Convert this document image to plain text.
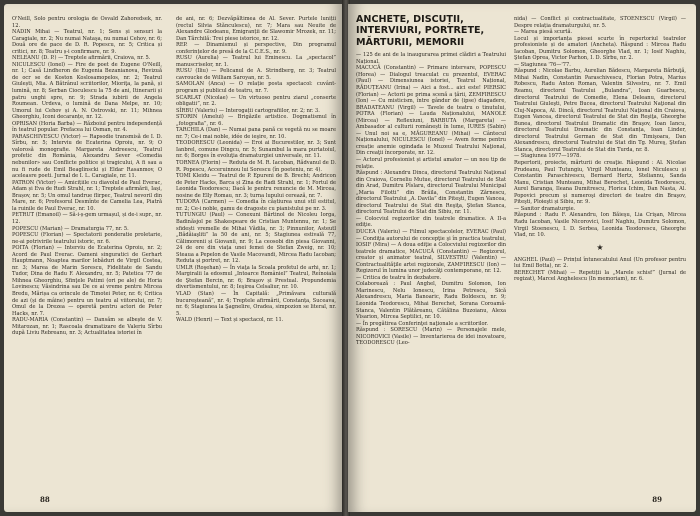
O'Neill, Solo pentru orologia de Osvald Zahoredsek, nr. 12.

NADIN Mihai — Teatrul, nr. 1; Sens și sensuri la Caragiale, nr. 2; Nu numai Nataşa, nu numai Cehov, nr. 6; Două ore de pace de D. R. Popescu, nr. 5; Critica și critici, nr. 8; Teatru ș-i confirmare, nr. 9.

NELEANU (D. P.) — Treptele afirmării, Craiova, nr. 5.

NICULESCU (Ionel) — Fire de poet de Eugene O'Neill, nr. 1; Casă Lindheron de Eugenia Bezanianova, Revizuă de ocr se de Koston Koslosamopelos, nr. 2; Teatrul Giulești, Mia. A Bătrânul scriitorilor, Mioriţa, la pană, și lumină, nr. 8; Serban Cioculescu la 75 de ani, Itinerarii și patru unghi spre, nr. 9; Strada iubirii de Angela Roumean. Urdeva, o lumină de Dana Melpe, nr. 10; Umorul lui Cehov și A. N. Ostrovski, nr. 11; Mihnea Gheorghiu, Iconi decaranțe, nr. 12.

OPRISAN (Horia Barba) — Războiul pentru independență în teatrul popular. Prefacea lui Osman, nr. 4.

PARASCHIVESCU (Victor) — Rapsodie transmisă de I. D. Sîrbu, nr. 5; Interviu de Ecaterina Oproiu, nr. 9; O valorosă monografie. Margareta Andreescu, Teatrul profetic din România, Alexandru Sever «Comedia nebunilor» sau Conflicte politice și tragicului, A fi sau a nu fi rude de Emil Beaglinscki și Eldar Rasanmov, O aceleasre poeti. Jurnal de I. L. Caragiale, nr. 11.

PATRON (Victor) — Amicițiile cu diavolul de Paul Everac, Adam și Eva de Rudi Strahl, nr. 1; Treptele afirmării, Iași, Brașov, nr. 5; Un omul tandrue flirpec, Teatrul nevoril din Mare, nr. 6; Profesorul Desmînte de Camelia Lea, Piatră la ruinile de Paul Everac, nr. 10.

PETRUT (Emanoil) — Să-i-ș-gem urmașul, și de-i supr., nr. 12.

POPESCU (Marian) — Dramaturgia 77, nr. 5.

POPESCU (Florian) — Spectatorii ponderatie proletarie, ne-ai potrivirile teatrului istoric, nr. 6.

POITA (Florian) — Interviu de Ecaterina Oproiu, nr. 2; Acord de Paul Everac. Oameni singuratici de Gerhart Hauptmann, Noaptea marilor lebăduri de Virgil Costea, nr. 3; Marea de Marin Sorescu, Fidelitate de Sandu Tudor, Dina de Radu F. Alexandru, nr. 5; Patetica '77 de Mihnea Gheorghiu, Sfinţele Patimi (ori pe ale) de Horia Lovinescu; Văsindrina sau De ce ai vreme pentru Mircea Bredu, Mărișa ca orincule de Timotei Peter, nr. 6; Critica de azi (și de mâine) pentru un teatru al viitorului, nr. 7; Omul de la Drezea — operetă pentru actori de Peter Hacks, nr. 7.

RADU-MARIA (Constantin) — Dansăm se albește de V. Mitarozan, nr. 1; Rascoala dramatizare de Valeriu Sîrbu după Liviu Rebreanu, nr. 3; Actualitatea istoriei în

de ani, nr. 6; Dezvăpăltimea de Al. Sever. Purtele luniții (rectul Silvia Stănculescu), nr. 7; Mara sau Neuite de Alexandre Glodeanu, Emigranții de Slawomir Mrozek, nr. 11; Dan Tărchilă: Trei piese istorice, nr. 12.

REP. — Dinamismul și perspective, Din programul conferințelor de presă de la C.C.E.S., nr. 9.

RUSU (Aurelia) — Teatrul lui Eminescu. La „spectacol” manuscriselor, nr. 1.

RUSU (Iliu) — Pelicanul de A. Strindberg, nr. 3; Teatrul cavroucke de William Saroyan, nr. 5.

SAMOLAN (Anca) — O relație posta spectacol: cuvânt-program și publicul de teatru, nr. 7.

SCARLAT (Nicolae) — Un virtuoso pentru ziarul „conserte obligatii”, nr. 2.

SÎRBU (Valeriu) — Interogații cartografiilor, nr. 2; nr. 3.

STORIN (Amelui) — Brigăzile artistice. Dogmatismul în „fotografia”, nr. 6.

TARCHILA (Dan) — Numai pana pană ce vegetă nu se moare nr. 7; Ce-i mai noble, idée de ieşire, nr. 10.

TEODORESCU (Leonida) — Eroi ai Bucurestilor, nr. 3; Sunt Ianbrel, comune Dingcu, nr. 5; Sunambul la mara purtatoiul, nr. 6; Borges în evoluţia dramaturgiei universale, nr. 11.

TORNEA (Florin) — Reduta de M. R. Iacoban, Rădvanul de D. R. Popescu, Acceruinnou lui Sorescu (în poeteniu, nr. 4).

TOMI Kleidu — Teatrul de P. Epureni de B. Brecht; Andricon de Peter Hacks, Barca și Zina de Radi Strahl, nr. 1; Fortul de Leonida Teodorescu; Dacă le pentru renuncie de M. Mircea, nosine de Elly Romau, nr. 3; turna lupului cerează, nr. 7.

TUDORA (Carmen) — Comedia în câștiurea unui stil estitul, nr. 2; Ce-i noble, gamu de dragoste cu pianistului pe nr. 3.

TUTUNGIU (Paul) — Conexuni Bărtinol de Nicoleu Iorga, Badinăsjol pe Shakespeare de Cristian Muntennu, nr. 1; Se sfidești vremelle de Mihai Vădila, nr. 3; Pinnunilor, Asteutl „Bădăiaşliti” la 50 de ani, nr. 5; Stagiunea estivală 77, Călimorenii și Giovanii, nr. 9; La ceosobi din piesa Giovanni, 24 de ore din viața unei femei de Stefan Zweig, nr. 10; Steaua a Pepelon de Vasile Macovandi, Mircea Radu Iacoban; Reduta și portret, nr. 12.

UMLR (Roşehan) — În viaţa la Scoala profetul de arhi, nr. 1; Margiralii la edosmul „Intoarce Româniel” Teatrul, Reînoiala de Ştefan Bercin, nr. 6; Braşov și Prestual. Propundemia divertismentului, nr. 8; Ieşirea Celsaliur, nr. 10.

VLAD (Stan) — În Capitală: „Primăvara culturală bucureşteană”, nr. 4; Treptele afirmării, Constanța, Suceava, nr. 6; Stagiunea la Şagnelire, Oradea, simpozion se literal, nr. 5.

WALD (Henri) — Text și spectacol, nr. 11.

88
ANCHETE, DISCUȚII, INTERVIURI, PORTRETE, MĂRTURII, MEMORII

— 125 de ani de la inaugurarea primei clădiri a Teatrului Național.

MACUCĂ (Constantin) — Primare intervare, POPESCU (Horea) — Dialogul treaculat cu prezentul, EVERAC (Paul) — Dimensiunea istoriei, Teatrul Național, RĂDUȚEANU (Irina) — Aici a fost... aici este! PIERSIC (Florian) — Actorii pe prima scenă a țării, ZEMFIRESCU (Ion) — Cu misticism, între gândur de (ipse) diagadere, BRADATEANU (Virgil) — Tavele de teatru o tinutului, POTRA (Florian) — Lauda Naționalului, MANOLE (Mircea) — Reflexiuni, BARBUTA (Margareta) — Ambasador al culturii românești în lume, IURES (Sabin) — Unul noi sa e, MĂGUREANU (Mihai) — Cântecul Naționalului, NICULESCU (Ionel) — Avem forme pentru creație anemie ogindada le Muzeul Teatrului Naţional, Din creaţii încorporate, nr. 12.

— Actorul profesionist și artistul amator — un nou tip de relație.

Răspund : Alexandru Dinca, directorul Teatrului Naţional din Craiova, Corneliu Mutue, directorul Teatrului de Stat din Arad, Dumitru Pîslaru, directorul Teatrului Municipal „Maria Filotti” din Brăila, Constantin Zărnescu, directorul Teatrului „A. Davila” din Piteşti, Eugen Vancea, directorul Teatrului de Stat din Reşiţa, Ştefan Stanca, directorul Teatrului de Stat din Sibiu, nr. 11.

— Colocviul regizorilor din teatrele dramatice. A II-a ediţie.

DUCEA (Valeriu) — Filmul spectacolelor, EVERAC (Paul) — Condiţia autorului de concepţie şi în practica teatrului, IOSIF (Mira) — A doua ediţie a Colocviului regizorilor din teatrele dramatice, MACUCĂ (Constantin) — Regizorul, creator și animator teatral, SILVESTRU (Valentin) — Contractualităţile artei regizorale, ZAMFIRESCU (Ion) — Regizorul în lumina unor judecăţi contemporane, nr. 12.

— Critica de teatru în dezbatere.

Colaborează : Paul Anghel, Dumitru Solomon, Ion Marinescu, Nelu Ionescu, Irina Petrescu, Sică Alexandrescu, Maria Banoaric, Radu Boldescu, nr. 9; Leonida Teodorescu, Mihai Berechet, Sorana Coroamă-Stanca, Valentin Plătăreanu, Cătălina Buzoianu, Alexa Visarion, Mircea Septilici, nr. 10.

— În pregătirea Conferinţei naţionale a scriitorilor.

Răspund : SORESCU (Marin) — Personajele mele, NICOROVICI (Vasile) — Inventarierea de idei inovatoare, TEODORESCU (Leo-

nida) — Conflict și contractualitate, STOENESCU (Virgil) — Despre relația dramaturgului, nr. 5.

— Marea piesă scurtă.

Locul și importanța piesei scurte în repertoriul teatrelor profesioniste și de amatori (Ancheta). Răspund : Mircea Radu Iacoban, Dumitru Solomon, Gheorghe Vlad, nr. 1; Iosif Naghiu, Ştefan Oprea, Victor Parhon, I. D. Sîrbu, nr. 2.

— Stagiunea '76—'77.

Răspund : Nicolae Barbu, Aurelian Bădescu, Margareta Bărbuţă, Mihai Nadin, Constantin Paraschivescu, Florian Potra, Marius Robescu, Radu Anton Roman, Valentin Silvestru, nr. 7. Emil Reamu, directorul Teatrului „Bulandra”, Ioan Guarbescu, directorul Teatrului de Comedie, Elena Deleanu, directorul Teatrului Giuleşti, Petre Bucea, directorul Teatrului Naţional din Cluj-Napoca, Al. Dincă, directorul Teatrului Naţional din Craiova, Eugen Vancea, directorul Teatrului de Stat din Reşiţa, Gheorghe Bunea, directorul Teatrului Dramatic din Braşov, Ioan Iancu, directorul Teatrului Dramatic din Constanța, Ioan Linder, directorul Teatrului German de Stat din Timişoara, Dan Alexandrescu, directorul Teatrului de Stat din Tg. Mureş, Ştefan Stanca, directorul Teatrului de Stat din Turda, nr. 8.

— Stagiunea 1977—1978.

Repertorii, proiecte, mărturii de creaţie. Răspund : Al. Nicolae Prudeanu, Paul Tutungiu, Virgil Munteanu, Ionel Niculescu și Constantin Paraschivescu, Bernard Hertz, Steliannu, Sanda Manu, Cristian Munteanu, Mihai Berechet, Leonida Teodorescu, Aurel Baranga, Ileana Dumitrescu, Florica Ichim, Dan Nasta, Al. Popovici precum și numeroşi directori de teatre din Braşov, Piteşti, Ploieşti și Sibiu, nr. 9.

— Sanitor dramaturgie.

Răspund : Radu F. Alexandru, Ion Băieşu, Lia Crişan, Mircea Radu Iacoban, Vasile Nicorovici, Iosif Naghiu, Dumitru Solomon, Virgil Stoenescu, I. D. Serbea, Leonida Teodorescu, Gheorghe Vlad, nr. 10.

★

ANGHEL (Paul) — Prințul întunecatului Anul (Un profesor pentru lui Emil Botta), nr. 2.

BERECHET (Mihai) — Repetiții la „Marele schisf” (Jurnal de regizat), Marcel Anghelescu (In memoriam), nr. 6.

89
